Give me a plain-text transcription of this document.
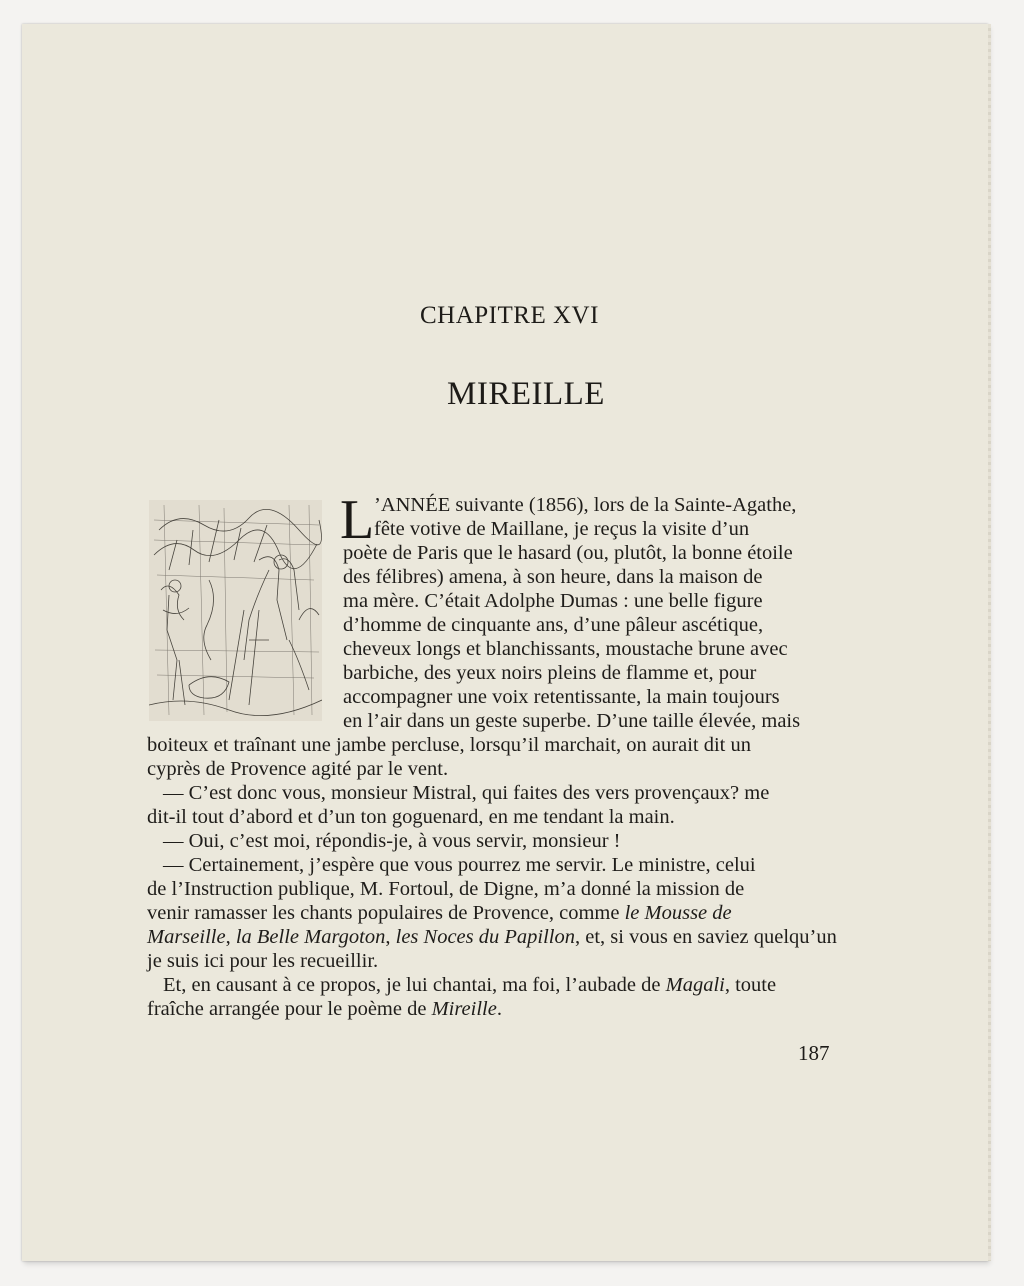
CHAPITRE XVI
MIREILLE
L ’ANNÉE suivante (1856), lors de la Sainte-Agathe,
fête votive de Maillane, je reçus la visite d’un
poète de Paris que le hasard (ou, plutôt, la bonne étoile
des félibres) amena, à son heure, dans la maison de
ma mère. C’était Adolphe Dumas : une belle figure
d’homme de cinquante ans, d’une pâleur ascétique,
cheveux longs et blanchissants, moustache brune avec
barbiche, des yeux noirs pleins de flamme et, pour
accompagner une voix retentissante, la main toujours
en l’air dans un geste superbe. D’une taille élevée, mais
boiteux et traînant une jambe percluse, lorsqu’il marchait, on aurait dit un
cyprès de Provence agité par le vent.
— C’est donc vous, monsieur Mistral, qui faites des vers provençaux? me
dit-il tout d’abord et d’un ton goguenard, en me tendant la main.
— Oui, c’est moi, répondis-je, à vous servir, monsieur !
— Certainement, j’espère que vous pourrez me servir. Le ministre, celui
de l’Instruction publique, M. Fortoul, de Digne, m’a donné la mission de
venir ramasser les chants populaires de Provence, comme le Mousse de
Marseille, la Belle Margoton, les Noces du Papillon, et, si vous en saviez quelqu’un
je suis ici pour les recueillir.
Et, en causant à ce propos, je lui chantai, ma foi, l’aubade de Magali, toute
fraîche arrangée pour le poème de Mireille.
187
